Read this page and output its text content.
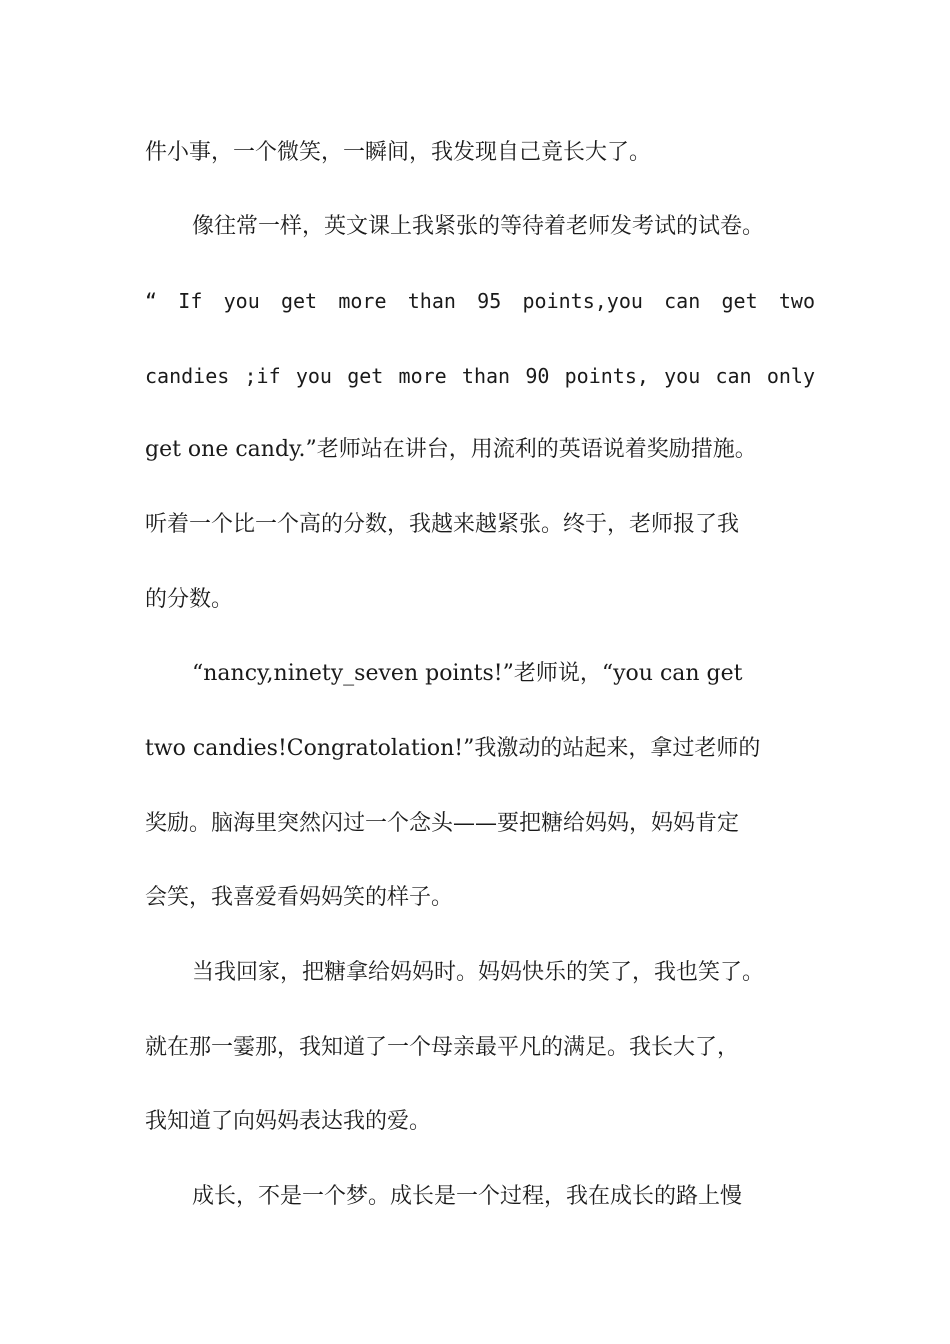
件小事，一个微笑，一瞬间，我发现自己竟长大了。
像往常一样，英文课上我紧张的等待着老师发考试的试卷。
“ If you get more than 95 points,you can get two
candies ;if you get more than 90 points, you can only
get one candy.”老师站在讲台，用流利的英语说着奖励措施。
听着一个比一个高的分数，我越来越紧张。终于，老师报了我
的分数。
“nancy,ninety_seven points!”老师说，“you can get
two candies!Congratolation!”我激动的站起来，拿过老师的
奖励。脑海里突然闪过一个念头——要把糖给妈妈，妈妈肯定
会笑，我喜爱看妈妈笑的样子。
当我回家，把糖拿给妈妈时。妈妈快乐的笑了，我也笑了。
就在那一霎那，我知道了一个母亲最平凡的满足。我长大了，
我知道了向妈妈表达我的爱。
成长，不是一个梦。成长是一个过程，我在成长的路上慢
